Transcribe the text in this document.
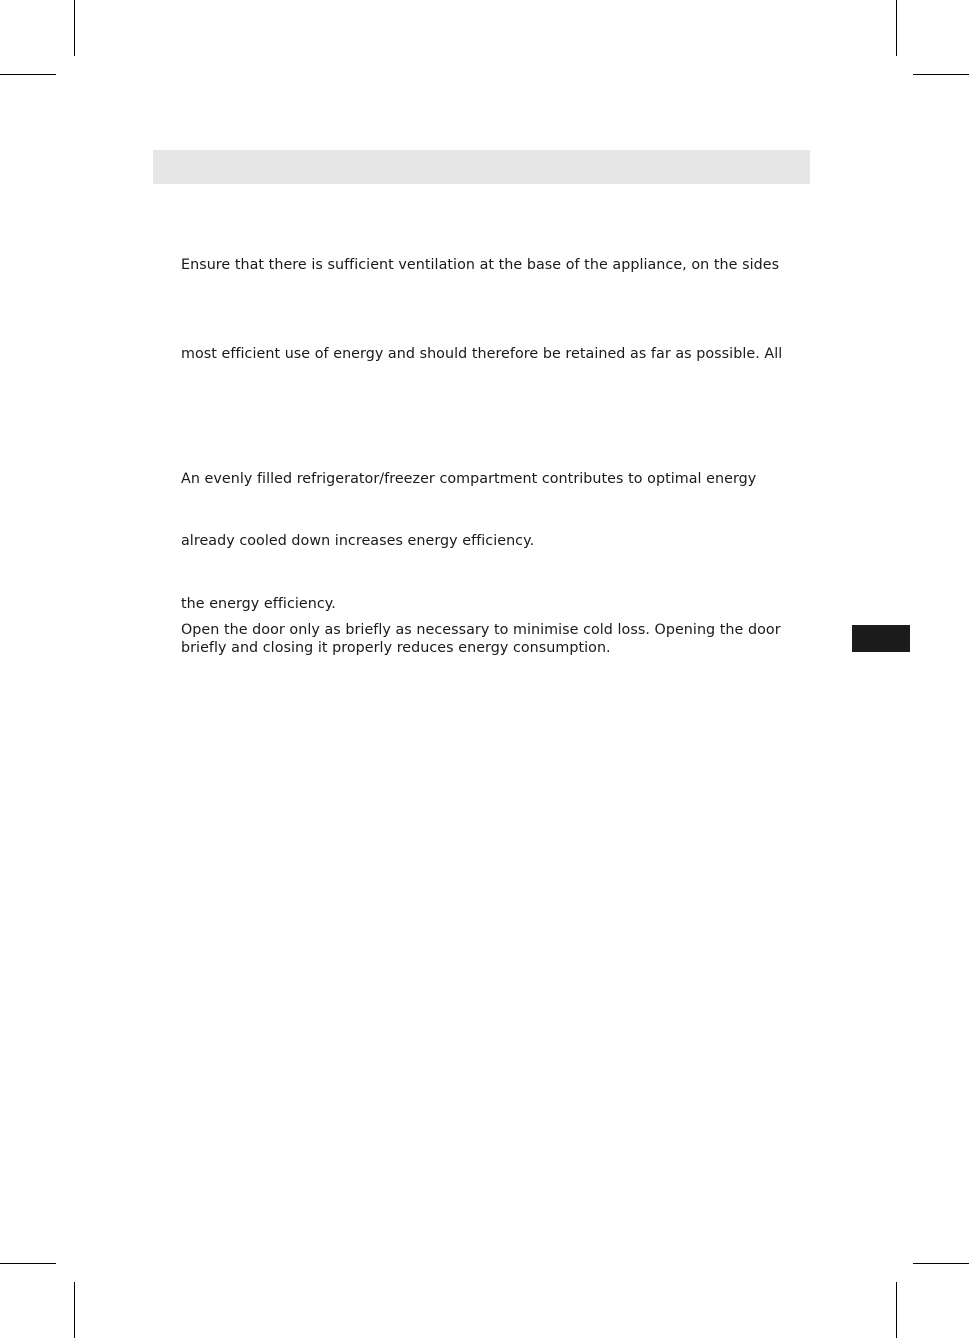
Ensure that there is sufficient ventilation at the base of the appliance, on the sides
most efficient use of energy and should therefore be retained as far as possible. All
An evenly filled refrigerator/freezer compartment contributes to optimal energy
already cooled down increases energy efficiency.
the energy efficiency.
Open the door only as briefly as necessary to minimise cold loss. Opening the door
briefly and closing it properly reduces energy consumption.
